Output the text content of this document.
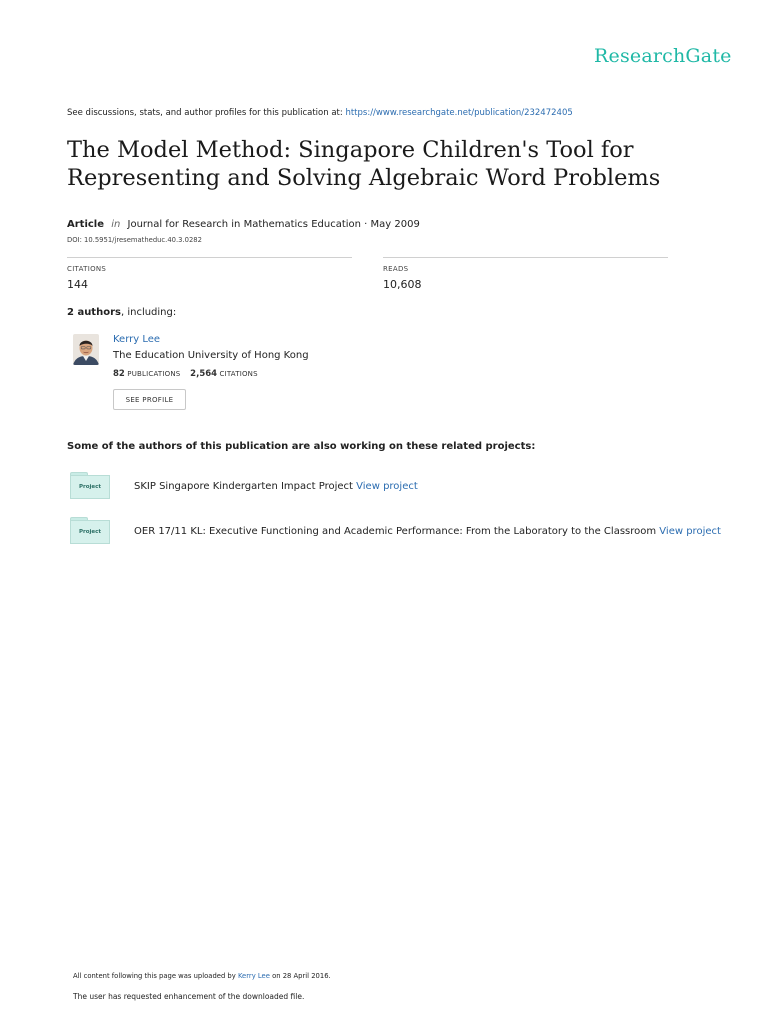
ResearchGate
See discussions, stats, and author profiles for this publication at: https://www.researchgate.net/publication/232472405
The Model Method: Singapore Children's Tool for
Representing and Solving Algebraic Word Problems
Article in Journal for Research in Mathematics Education · May 2009
DOI: 10.5951/jresematheduc.40.3.0282
CITATIONS
144
READS
10,608
2 authors, including:
Kerry Lee
The Education University of Hong Kong
82 PUBLICATIONS 2,564 CITATIONS
SEE PROFILE
Some of the authors of this publication are also working on these related projects:
Project	SKIP Singapore Kindergarten Impact Project View project
Project	OER 17/11 KL: Executive Functioning and Academic Performance: From the Laboratory to the Classroom View project
All content following this page was uploaded by Kerry Lee on 28 April 2016.
The user has requested enhancement of the downloaded file.
